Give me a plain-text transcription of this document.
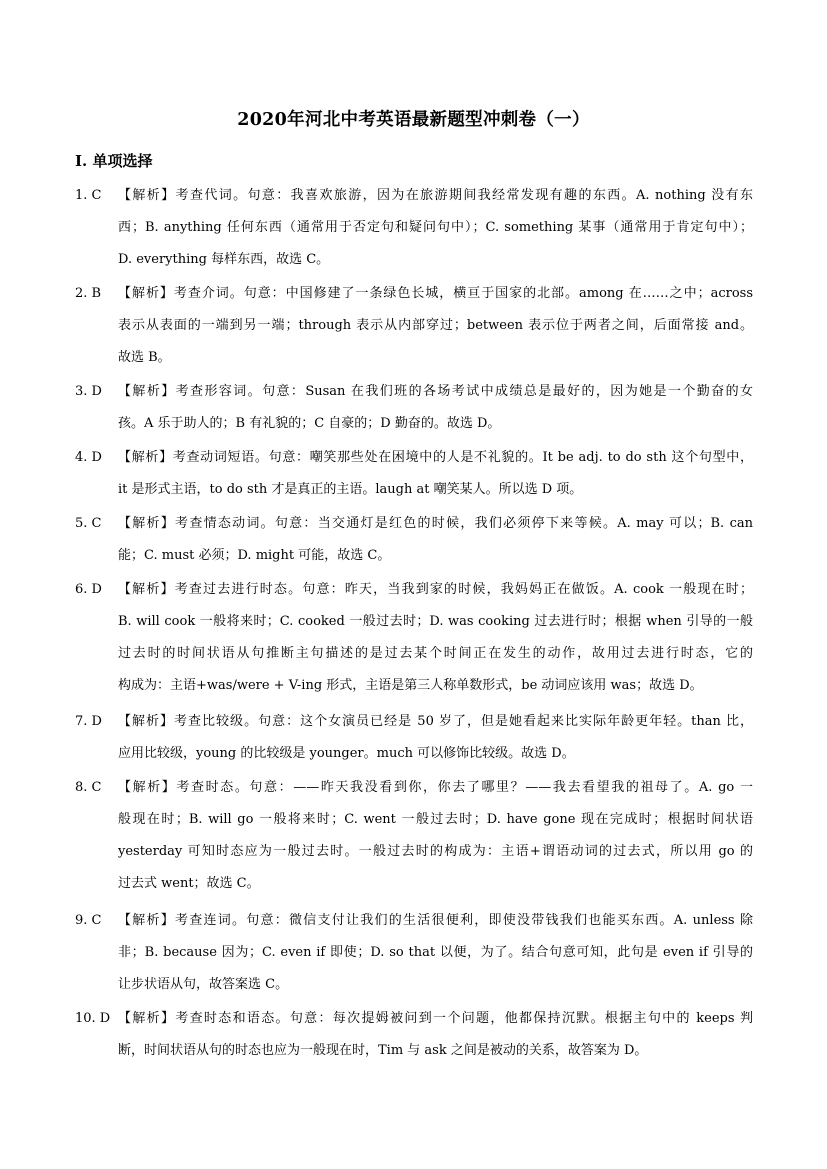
2020年河北中考英语最新题型冲刺卷（一）
I. 单项选择
1. C	【解析】考查代词。句意：我喜欢旅游，因为在旅游期间我经常发现有趣的东西。A. nothing 没有东
西；B. anything 任何东西（通常用于否定句和疑问句中）；C. something 某事（通常用于肯定句中）；
D. everything 每样东西，故选 C。
2. B	【解析】考查介词。句意：中国修建了一条绿色长城，横亘于国家的北部。among 在……之中；across
表示从表面的一端到另一端；through 表示从内部穿过；between 表示位于两者之间，后面常接 and。
故选 B。
3. D	【解析】考查形容词。句意：Susan 在我们班的各场考试中成绩总是最好的，因为她是一个勤奋的女
孩。A 乐于助人的；B 有礼貌的；C 自豪的；D 勤奋的。故选 D。
4. D	【解析】考查动词短语。句意：嘲笑那些处在困境中的人是不礼貌的。It be adj. to do sth 这个句型中，
it 是形式主语，to do sth 才是真正的主语。laugh at 嘲笑某人。所以选 D 项。
5. C	【解析】考查情态动词。句意：当交通灯是红色的时候，我们必须停下来等候。A. may 可以；B. can
能；C. must 必须；D. might 可能，故选 C。
6. D	【解析】考查过去进行时态。句意：昨天，当我到家的时候，我妈妈正在做饭。A. cook 一般现在时；
B. will cook 一般将来时；C. cooked 一般过去时；D. was cooking 过去进行时；根据 when 引导的一般
过去时的时间状语从句推断主句描述的是过去某个时间正在发生的动作，故用过去进行时态，它的
构成为：主语+was/were + V-ing 形式，主语是第三人称单数形式，be 动词应该用 was；故选 D。
7. D	【解析】考查比较级。句意：这个女演员已经是 50 岁了，但是她看起来比实际年龄更年轻。than 比，
应用比较级，young 的比较级是 younger。much 可以修饰比较级。故选 D。
8. C	【解析】考查时态。句意：——昨天我没看到你，你去了哪里？——我去看望我的祖母了。A. go 一
般现在时；B. will go 一般将来时；C. went 一般过去时；D. have gone 现在完成时；根据时间状语
yesterday 可知时态应为一般过去时。一般过去时的构成为：主语+谓语动词的过去式，所以用 go 的
过去式 went；故选 C。
9. C	【解析】考查连词。句意：微信支付让我们的生活很便利，即使没带钱我们也能买东西。A. unless 除
非；B. because 因为；C. even if 即使；D. so that 以便，为了。结合句意可知，此句是 even if 引导的
让步状语从句，故答案选 C。
10. D 【解析】考查时态和语态。句意：每次提姆被问到一个问题，他都保持沉默。根据主句中的 keeps 判
断，时间状语从句的时态也应为一般现在时，Tim 与 ask 之间是被动的关系，故答案为 D。
